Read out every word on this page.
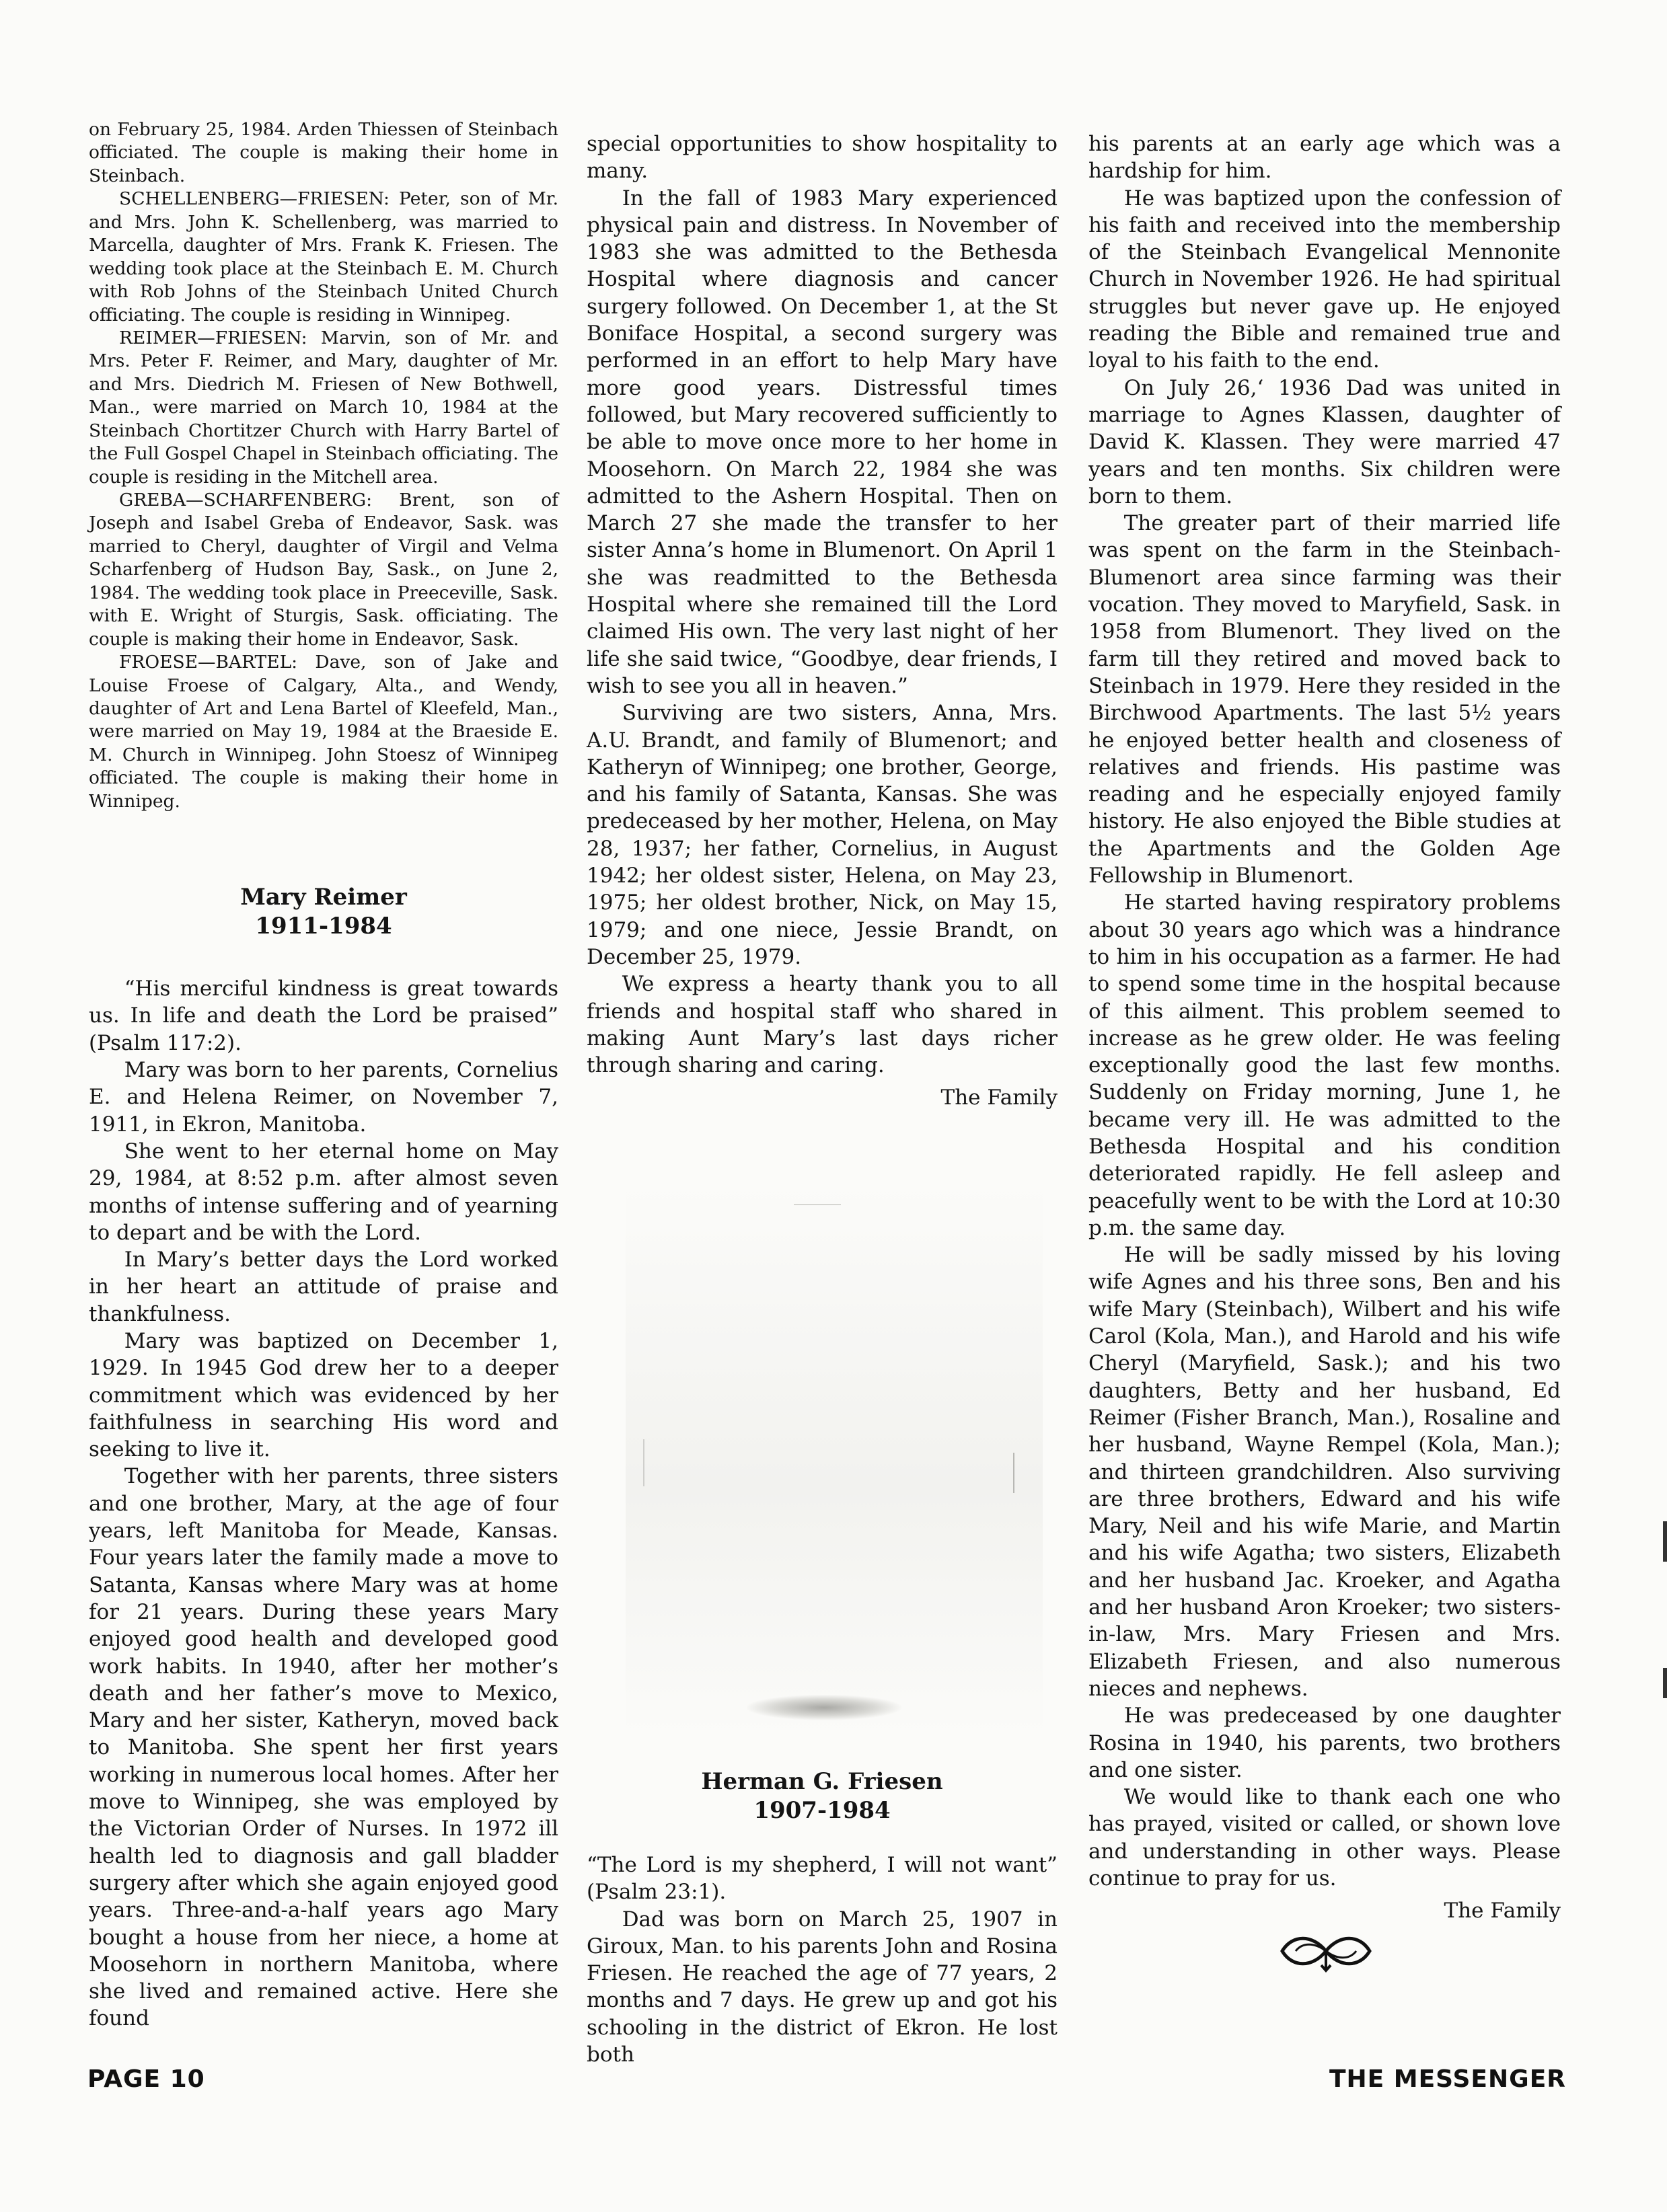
on February 25, 1984. Arden Thiessen of Steinbach officiated. The couple is making their home in Steinbach.

SCHELLENBERG—FRIESEN: Peter, son of Mr. and Mrs. John K. Schellenberg, was married to Marcella, daughter of Mrs. Frank K. Friesen. The wedding took place at the Steinbach E. M. Church with Rob Johns of the Steinbach United Church officiating. The couple is residing in Winnipeg.

REIMER—FRIESEN: Marvin, son of Mr. and Mrs. Peter F. Reimer, and Mary, daughter of Mr. and Mrs. Diedrich M. Friesen of New Bothwell, Man., were married on March 10, 1984 at the Steinbach Chortitzer Church with Harry Bartel of the Full Gospel Chapel in Steinbach officiating. The couple is residing in the Mitchell area.

GREBA—SCHARFENBERG: Brent, son of Joseph and Isabel Greba of Endeavor, Sask. was married to Cheryl, daughter of Virgil and Velma Scharfenberg of Hudson Bay, Sask., on June 2, 1984. The wedding took place in Preeceville, Sask. with E. Wright of Sturgis, Sask. officiating. The couple is making their home in Endeavor, Sask.

FROESE—BARTEL: Dave, son of Jake and Louise Froese of Calgary, Alta., and Wendy, daughter of Art and Lena Bartel of Kleefeld, Man., were married on May 19, 1984 at the Braeside E. M. Church in Winnipeg. John Stoesz of Winnipeg officiated. The couple is making their home in Winnipeg.

Mary Reimer
1911-1984

“His merciful kindness is great towards us. In life and death the Lord be praised” (Psalm 117:2).

Mary was born to her parents, Cornelius E. and Helena Reimer, on November 7, 1911, in Ekron, Manitoba.

She went to her eternal home on May 29, 1984, at 8:52 p.m. after almost seven months of intense suffering and of yearning to depart and be with the Lord.

In Mary’s better days the Lord worked in her heart an attitude of praise and thankfulness.

Mary was baptized on December 1, 1929. In 1945 God drew her to a deeper commitment which was evidenced by her faithfulness in searching His word and seeking to live it.

Together with her parents, three sisters and one brother, Mary, at the age of four years, left Manitoba for Meade, Kansas. Four years later the family made a move to Satanta, Kansas where Mary was at home for 21 years. During these years Mary enjoyed good health and developed good work habits. In 1940, after her mother’s death and her father’s move to Mexico, Mary and her sister, Katheryn, moved back to Manitoba. She spent her first years working in numerous local homes. After her move to Winnipeg, she was employed by the Victorian Order of Nurses. In 1972 ill health led to diagnosis and gall bladder surgery after which she again enjoyed good years. Three-and-a-half years ago Mary bought a house from her niece, a home at Moosehorn in northern Manitoba, where she lived and remained active. Here she found

special opportunities to show hospitality to many.

In the fall of 1983 Mary experienced physical pain and distress. In November of 1983 she was admitted to the Bethesda Hospital where diagnosis and cancer surgery followed. On December 1, at the St Boniface Hospital, a second surgery was performed in an effort to help Mary have more good years. Distressful times followed, but Mary recovered sufficiently to be able to move once more to her home in Moosehorn. On March 22, 1984 she was admitted to the Ashern Hospital. Then on March 27 she made the transfer to her sister Anna’s home in Blumenort. On April 1 she was readmitted to the Bethesda Hospital where she remained till the Lord claimed His own. The very last night of her life she said twice, “Goodbye, dear friends, I wish to see you all in heaven.”

Surviving are two sisters, Anna, Mrs. A.U. Brandt, and family of Blumenort; and Katheryn of Winnipeg; one brother, George, and his family of Satanta, Kansas. She was predeceased by her mother, Helena, on May 28, 1937; her father, Cornelius, in August 1942; her oldest sister, Helena, on May 23, 1975; her oldest brother, Nick, on May 15, 1979; and one niece, Jessie Brandt, on December 25, 1979.

We express a hearty thank you to all friends and hospital staff who shared in making Aunt Mary’s last days richer through sharing and caring.

The Family
Herman G. Friesen
1907-1984

“The Lord is my shepherd, I will not want” (Psalm 23:1).

Dad was born on March 25, 1907 in Giroux, Man. to his parents John and Rosina Friesen. He reached the age of 77 years, 2 months and 7 days. He grew up and got his schooling in the district of Ekron. He lost both

his parents at an early age which was a hardship for him.

He was baptized upon the confession of his faith and received into the membership of the Steinbach Evangelical Mennonite Church in November 1926. He had spiritual struggles but never gave up. He enjoyed reading the Bible and remained true and loyal to his faith to the end.

On July 26,‘ 1936 Dad was united in marriage to Agnes Klassen, daughter of David K. Klassen. They were married 47 years and ten months. Six children were born to them.

The greater part of their married life was spent on the farm in the Steinbach-Blumenort area since farming was their vocation. They moved to Maryfield, Sask. in 1958 from Blumenort. They lived on the farm till they retired and moved back to Steinbach in 1979. Here they resided in the Birchwood Apartments. The last 5½ years he enjoyed better health and closeness of relatives and friends. His pastime was reading and he especially enjoyed family history. He also enjoyed the Bible studies at the Apartments and the Golden Age Fellowship in Blumenort.

He started having respiratory problems about 30 years ago which was a hindrance to him in his occupation as a farmer. He had to spend some time in the hospital because of this ailment. This problem seemed to increase as he grew older. He was feeling exceptionally good the last few months. Suddenly on Friday morning, June 1, he became very ill. He was admitted to the Bethesda Hospital and his condition deteriorated rapidly. He fell asleep and peacefully went to be with the Lord at 10:30 p.m. the same day.

He will be sadly missed by his loving wife Agnes and his three sons, Ben and his wife Mary (Steinbach), Wilbert and his wife Carol (Kola, Man.), and Harold and his wife Cheryl (Maryfield, Sask.); and his two daughters, Betty and her husband, Ed Reimer (Fisher Branch, Man.), Rosaline and her husband, Wayne Rempel (Kola, Man.); and thirteen grandchildren. Also surviving are three brothers, Edward and his wife Mary, Neil and his wife Marie, and Martin and his wife Agatha; two sisters, Elizabeth and her husband Jac. Kroeker, and Agatha and her husband Aron Kroeker; two sisters-in-law, Mrs. Mary Friesen and Mrs. Elizabeth Friesen, and also numerous nieces and nephews.

He was predeceased by one daughter Rosina in 1940, his parents, two brothers and one sister.

We would like to thank each one who has prayed, visited or called, or shown love and understanding in other ways. Please continue to pray for us.

The Family
PAGE 10	THE MESSENGER
